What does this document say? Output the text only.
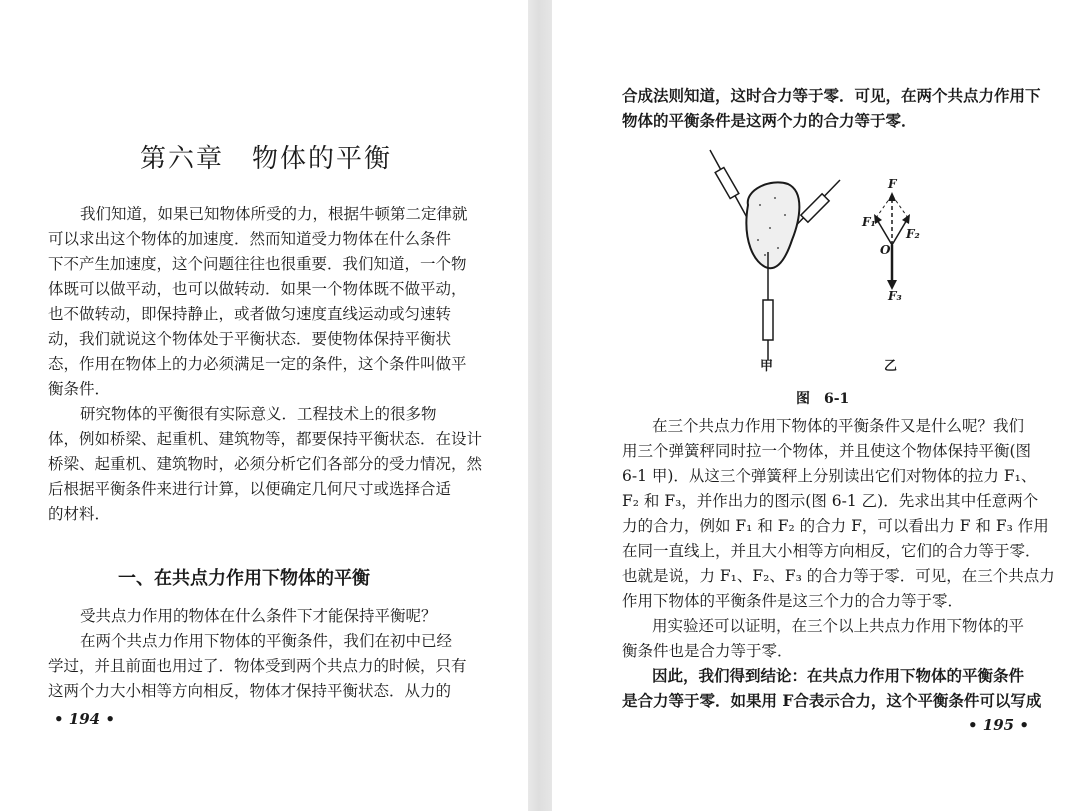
第六章　物体的平衡
我们知道，如果已知物体所受的力，根据牛顿第二定律就
可以求出这个物体的加速度．然而知道受力物体在什么条件
下不产生加速度，这个问题往往也很重要．我们知道，一个物
体既可以做平动，也可以做转动．如果一个物体既不做平动，
也不做转动，即保持静止，或者做匀速度直线运动或匀速转
动，我们就说这个物体处于平衡状态．要使物体保持平衡状
态，作用在物体上的力必须满足一定的条件，这个条件叫做平
衡条件．
研究物体的平衡很有实际意义．工程技术上的很多物
体，例如桥梁、起重机、建筑物等，都要保持平衡状态．在设计
桥梁、起重机、建筑物时，必须分析它们各部分的受力情况，然
后根据平衡条件来进行计算，以便确定几何尺寸或选择合适
的材料．
一、在共点力作用下物体的平衡
受共点力作用的物体在什么条件下才能保持平衡呢？
在两个共点力作用下物体的平衡条件，我们在初中已经
学过，并且前面也用过了．物体受到两个共点力的时候，只有
这两个力大小相等方向相反，物体才保持平衡状态．从力的
• 194 •
合成法则知道，这时合力等于零．可见，在两个共点力作用下
物体的平衡条件是这两个力的合力等于零．
甲
F
F₁
F₂
O
F₃
乙
图　6-1
在三个共点力作用下物体的平衡条件又是什么呢？我们
用三个弹簧秤同时拉一个物体，并且使这个物体保持平衡(图
6-1 甲)．从这三个弹簧秤上分别读出它们对物体的拉力 F₁、
F₂ 和 F₃，并作出力的图示(图 6-1 乙)．先求出其中任意两个
力的合力，例如 F₁ 和 F₂ 的合力 F，可以看出力 F 和 F₃ 作用
在同一直线上，并且大小相等方向相反，它们的合力等于零．
也就是说，力 F₁、F₂、F₃ 的合力等于零．可见，在三个共点力
作用下物体的平衡条件是这三个力的合力等于零．
用实验还可以证明，在三个以上共点力作用下物体的平
衡条件也是合力等于零．
因此，我们得到结论：在共点力作用下物体的平衡条件
是合力等于零．如果用 F合表示合力，这个平衡条件可以写成
• 195 •
